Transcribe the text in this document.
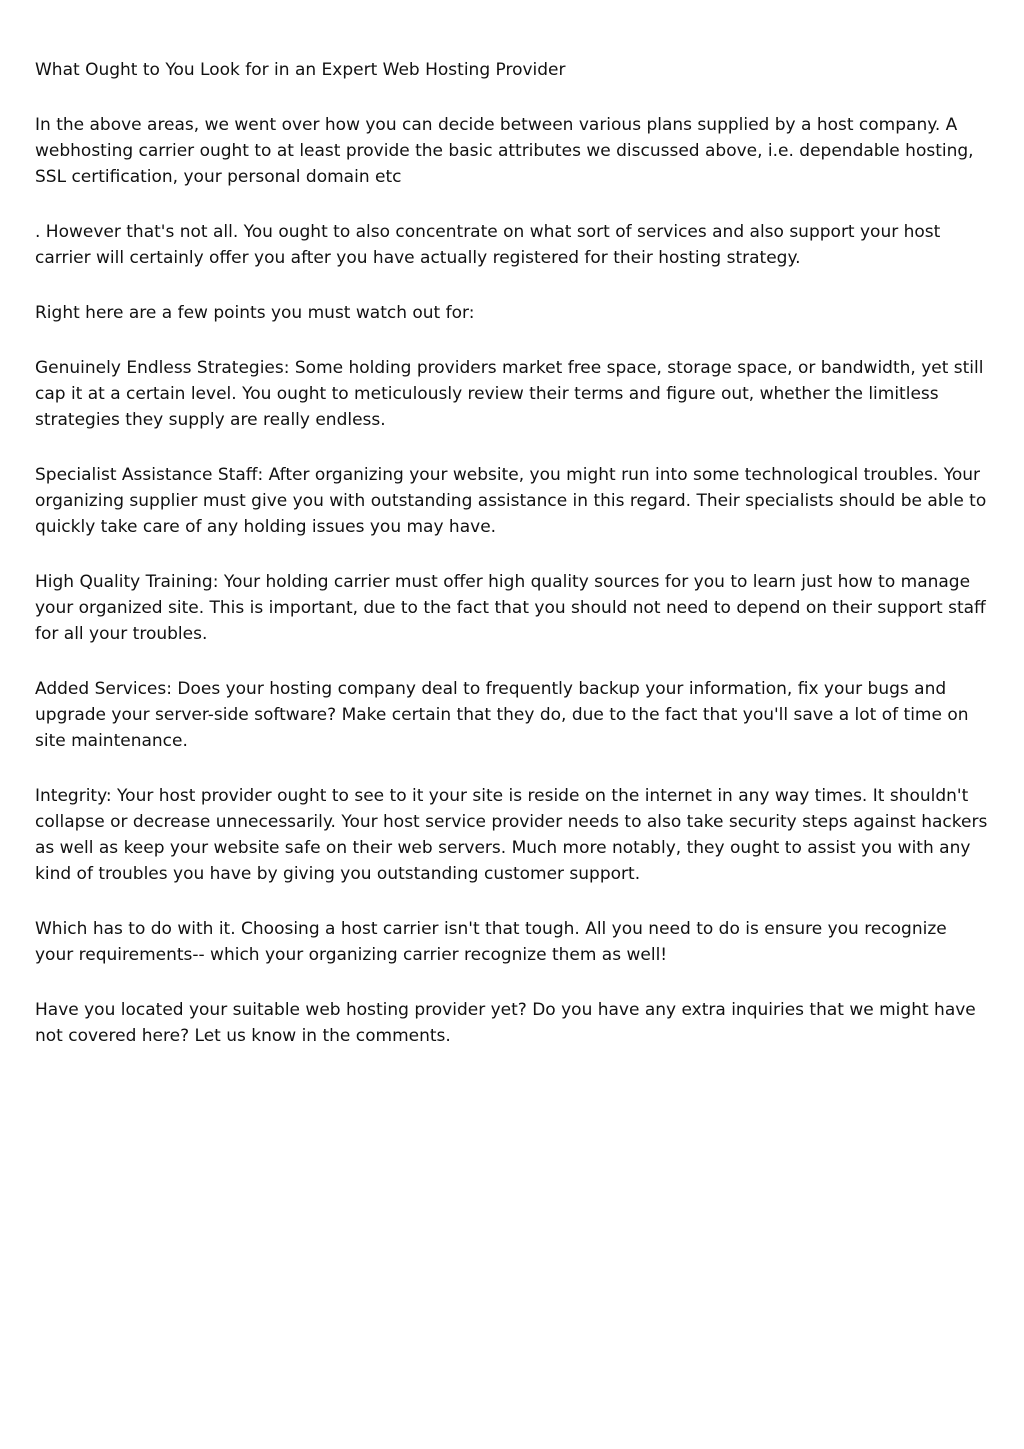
What Ought to You Look for in an Expert Web Hosting Provider

In the above areas, we went over how you can decide between various plans supplied by a host company. A webhosting carrier ought to at least provide the basic attributes we discussed above, i.e. dependable hosting, SSL certification, your personal domain etc

. However that's not all. You ought to also concentrate on what sort of services and also support your host carrier will certainly offer you after you have actually registered for their hosting strategy.

Right here are a few points you must watch out for:

Genuinely Endless Strategies: Some holding providers market free space, storage space, or bandwidth, yet still cap it at a certain level. You ought to meticulously review their terms and figure out, whether the limitless strategies they supply are really endless.

Specialist Assistance Staff: After organizing your website, you might run into some technological troubles. Your organizing supplier must give you with outstanding assistance in this regard. Their specialists should be able to quickly take care of any holding issues you may have.

High Quality Training: Your holding carrier must offer high quality sources for you to learn just how to manage your organized site. This is important, due to the fact that you should not need to depend on their support staff for all your troubles.

Added Services: Does your hosting company deal to frequently backup your information, fix your bugs and upgrade your server-side software? Make certain that they do, due to the fact that you'll save a lot of time on site maintenance.

Integrity: Your host provider ought to see to it your site is reside on the internet in any way times. It shouldn't collapse or decrease unnecessarily. Your host service provider needs to also take security steps against hackers as well as keep your website safe on their web servers. Much more notably, they ought to assist you with any kind of troubles you have by giving you outstanding customer support.

Which has to do with it. Choosing a host carrier isn't that tough. All you need to do is ensure you recognize your requirements-- which your organizing carrier recognize them as well!

Have you located your suitable web hosting provider yet? Do you have any extra inquiries that we might have not covered here? Let us know in the comments.
